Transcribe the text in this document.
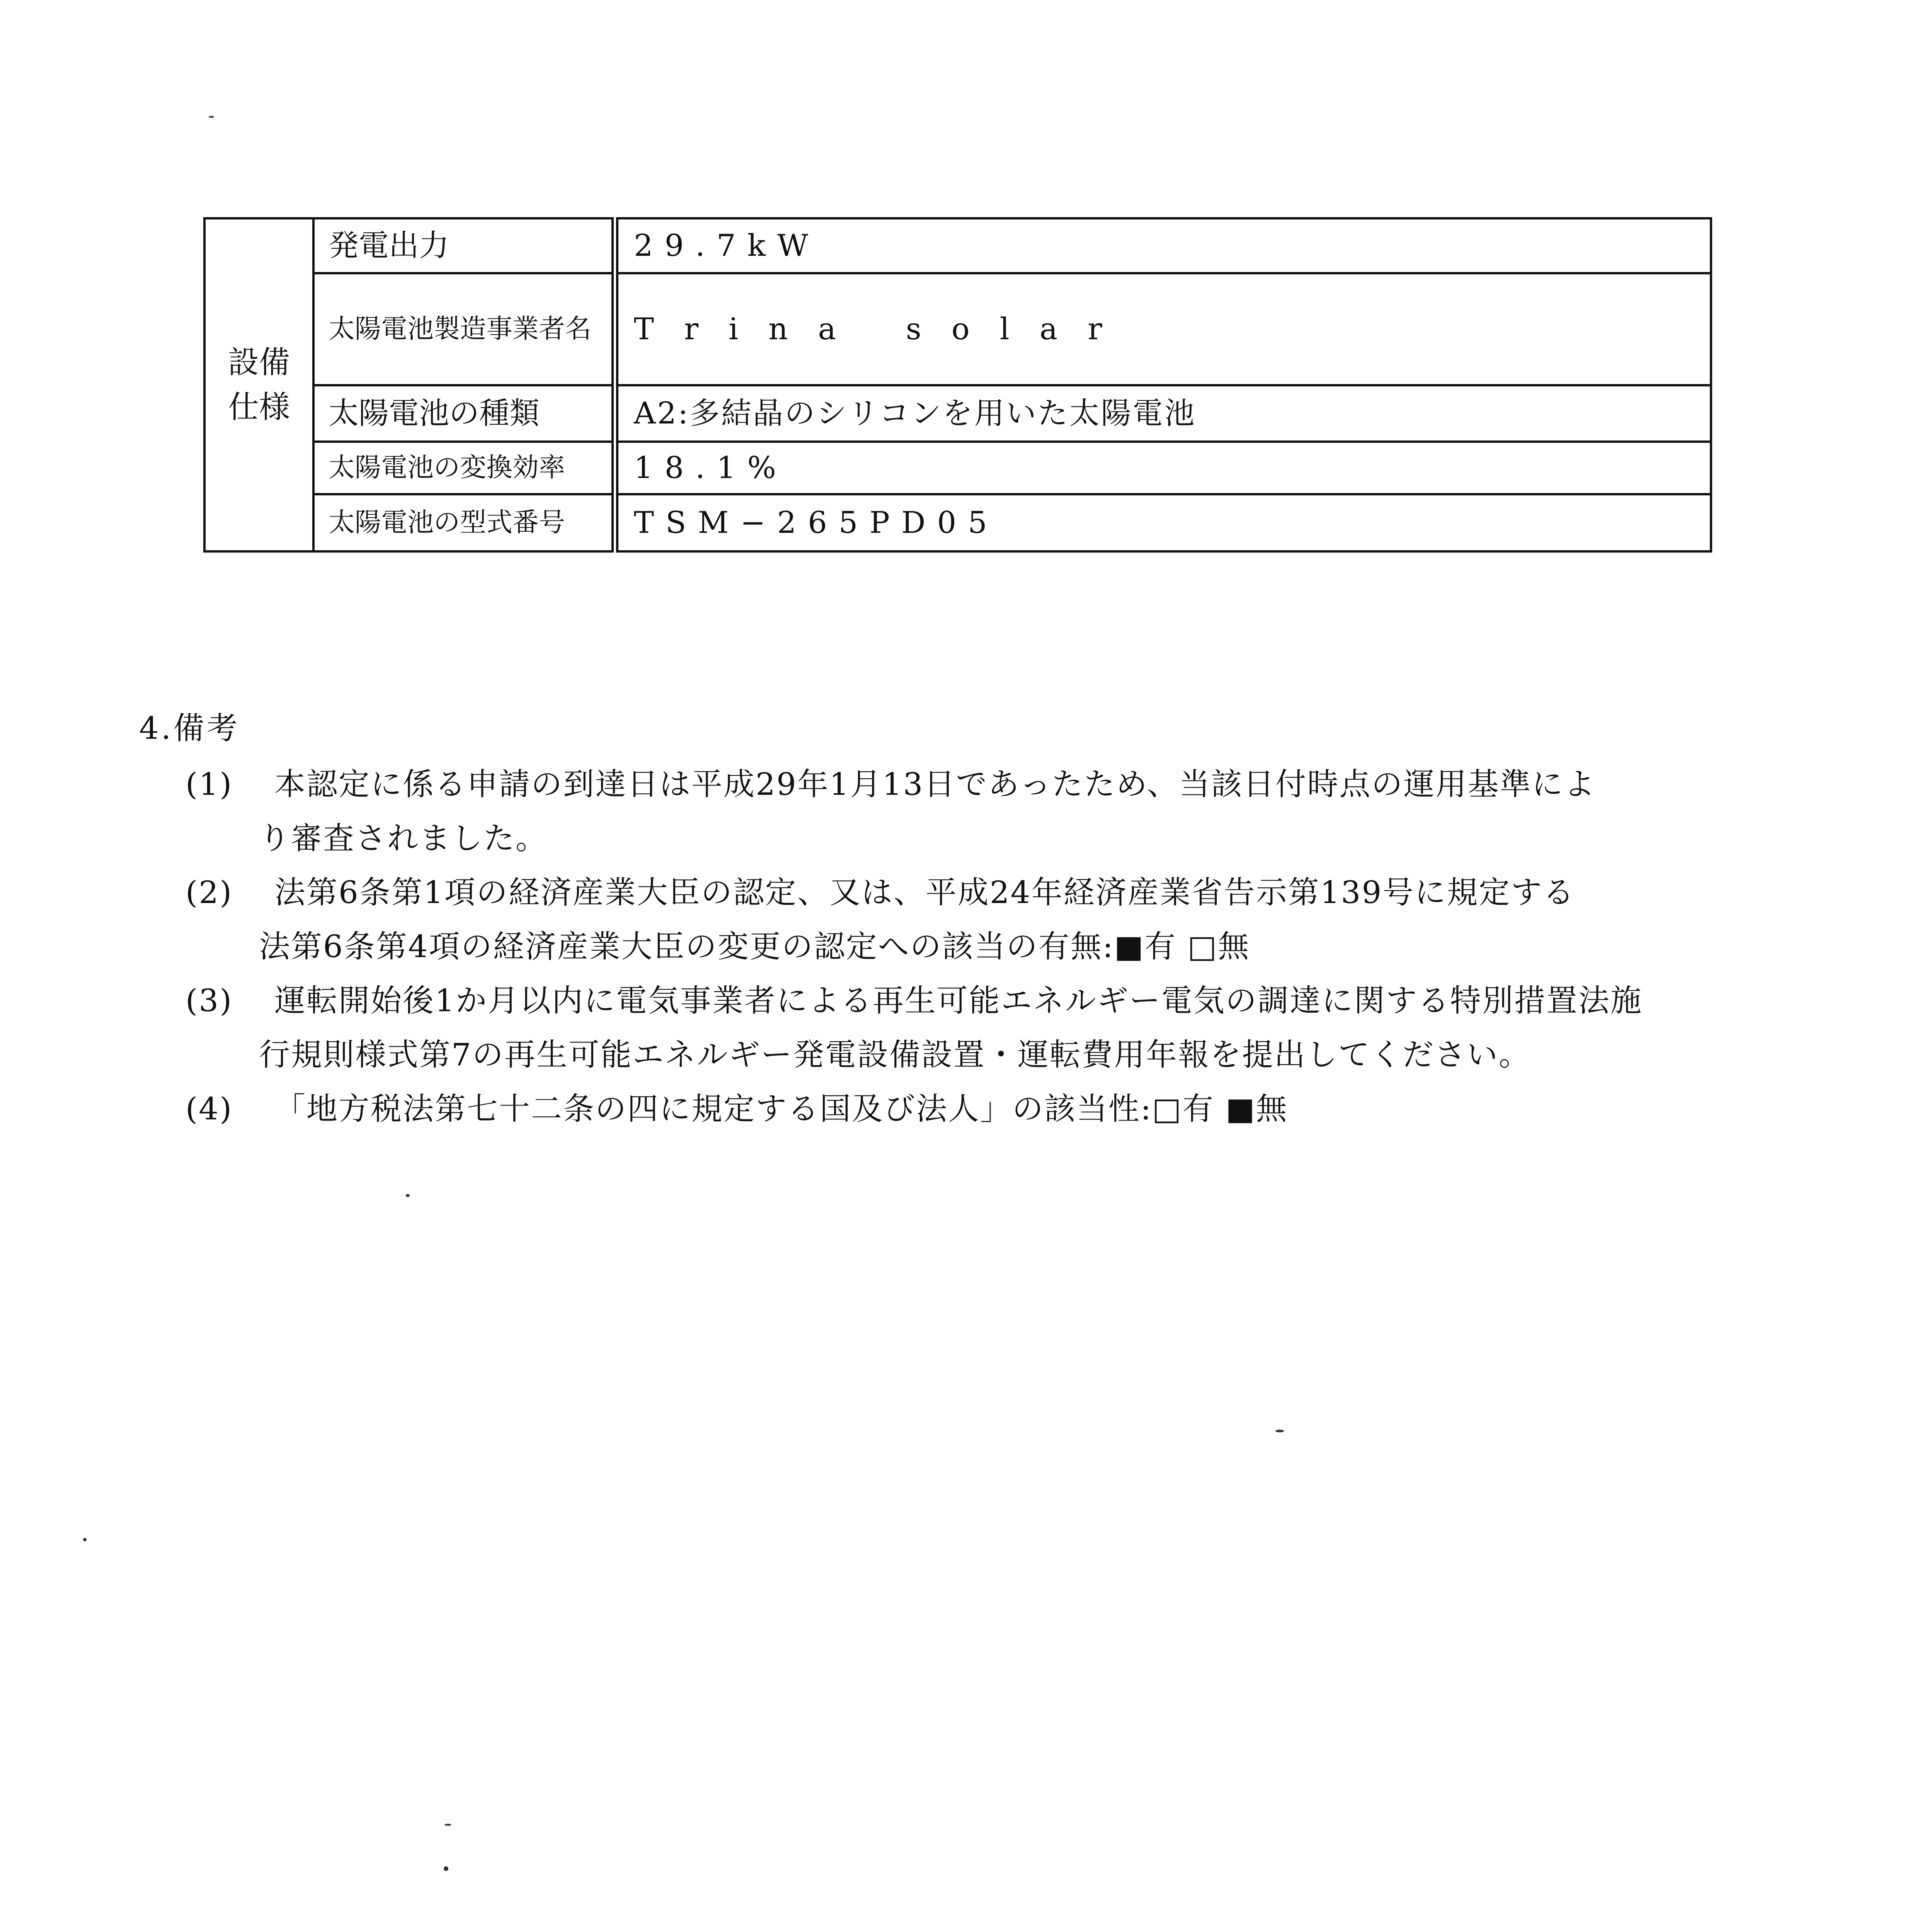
設備
仕様	発電出力	29.7kW
	太陽電池製造事業者名	Trina solar
	太陽電池の種類	A2:多結晶のシリコンを用いた太陽電池
	太陽電池の変換効率	18.1%
	太陽電池の型式番号	TSM−265PD05
4.備考
(1)	本認定に係る申請の到達日は平成29年1月13日であったため、当該日付時点の運用基準によ
り審査されました。
(2)	法第6条第1項の経済産業大臣の認定、又は、平成24年経済産業省告示第139号に規定する
法第6条第4項の経済産業大臣の変更の認定への該当の有無:■有 □無
(3)	運転開始後1か月以内に電気事業者による再生可能エネルギー電気の調達に関する特別措置法施
行規則様式第7の再生可能エネルギー発電設備設置・運転費用年報を提出してください。
(4)	「地方税法第七十二条の四に規定する国及び法人」の該当性:□有 ■無
